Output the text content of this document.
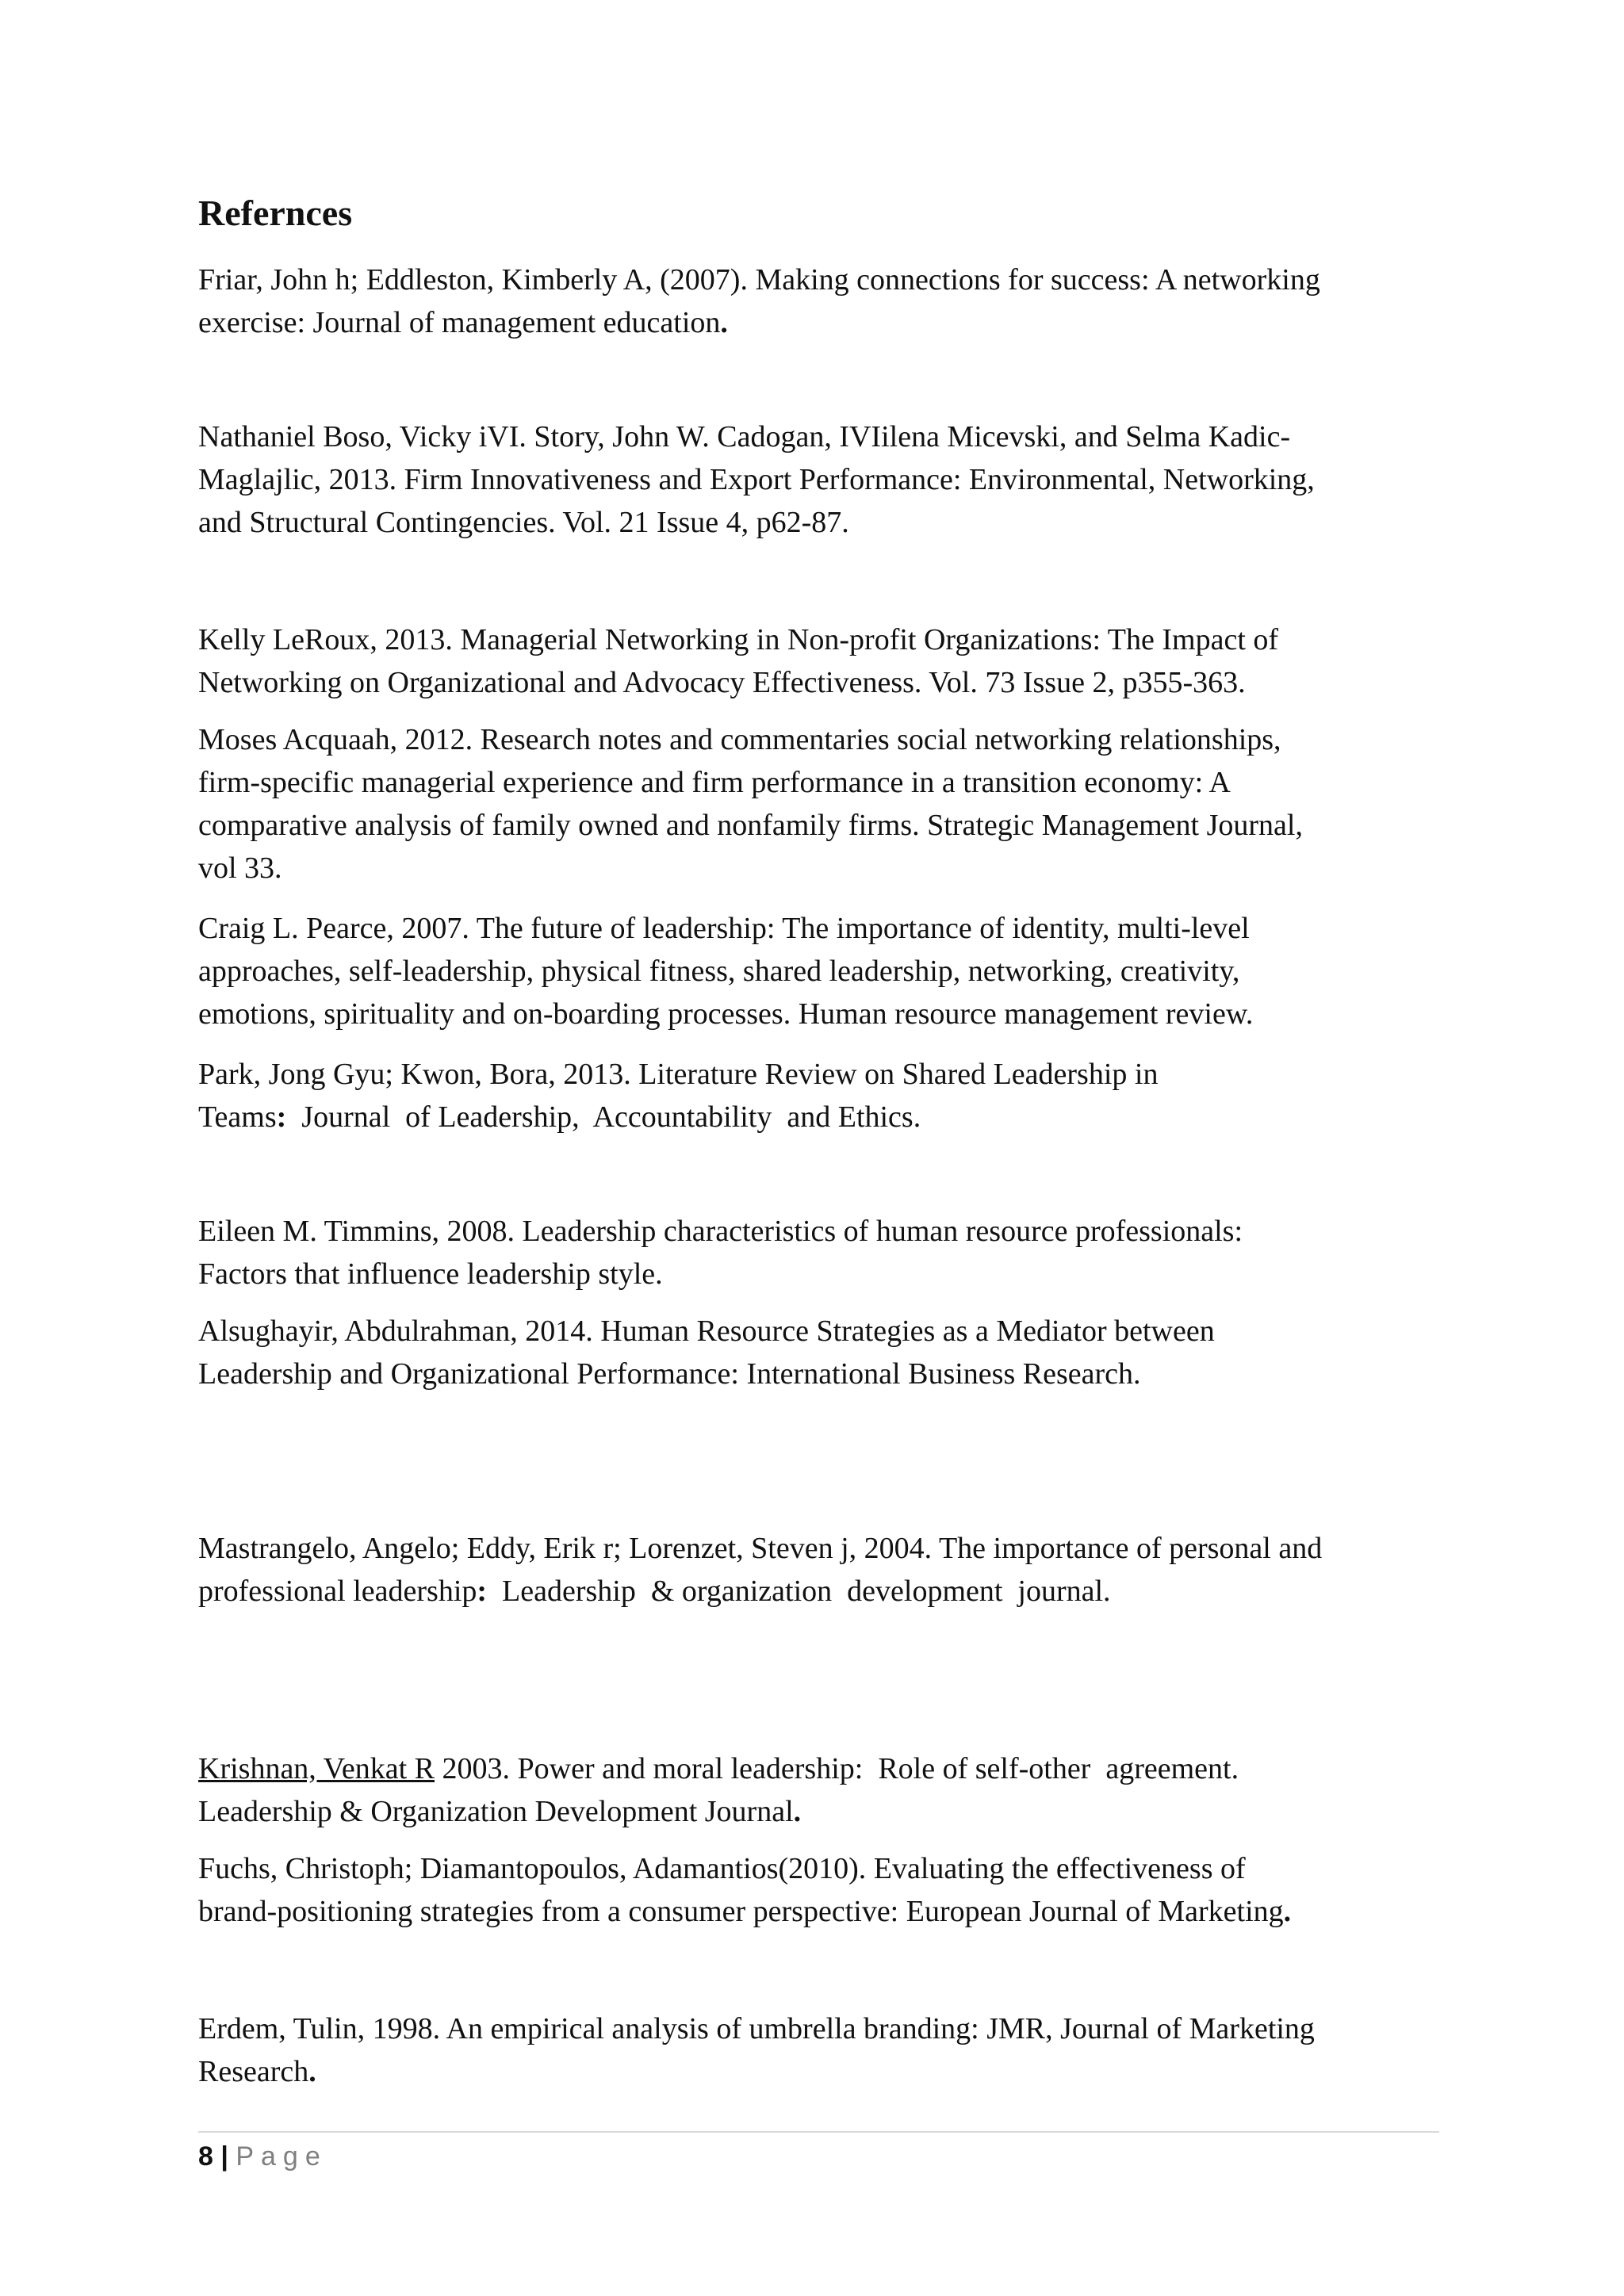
Refernces

Friar, John h; Eddleston, Kimberly A, (2007). Making connections for success: A networking
exercise: Journal of management education.

Nathaniel Boso, Vicky iVI. Story, John W. Cadogan, IVIilena Micevski, and Selma Kadic-
Maglajlic, 2013. Firm Innovativeness and Export Performance: Environmental, Networking,
and Structural Contingencies. Vol. 21 Issue 4, p62-87.

Kelly LeRoux, 2013. Managerial Networking in Non-profit Organizations: The Impact of
Networking on Organizational and Advocacy Effectiveness. Vol. 73 Issue 2, p355-363.

Moses Acquaah, 2012. Research notes and commentaries social networking relationships,
firm-specific managerial experience and firm performance in a transition economy: A
comparative analysis of family owned and nonfamily firms. Strategic Management Journal,
vol 33.

Craig L. Pearce, 2007. The future of leadership: The importance of identity, multi-level
approaches, self-leadership, physical fitness, shared leadership, networking, creativity,
emotions, spirituality and on-boarding processes. Human resource management review.

Park, Jong Gyu; Kwon, Bora, 2013. Literature Review on Shared Leadership in
Teams:  Journal  of Leadership,  Accountability  and Ethics.

Eileen M. Timmins, 2008. Leadership characteristics of human resource professionals:
Factors that influence leadership style.

Alsughayir, Abdulrahman, 2014. Human Resource Strategies as a Mediator between
Leadership and Organizational Performance: International Business Research.

Mastrangelo, Angelo; Eddy, Erik r; Lorenzet, Steven j, 2004. The importance of personal and
professional leadership:  Leadership  & organization  development  journal.

Krishnan, Venkat R 2003. Power and moral leadership:  Role of self-other  agreement.
Leadership & Organization Development Journal.

Fuchs, Christoph; Diamantopoulos, Adamantios(2010). Evaluating the effectiveness of
brand-positioning strategies from a consumer perspective: European Journal of Marketing.

Erdem, Tulin, 1998. An empirical analysis of umbrella branding: JMR, Journal of Marketing
Research.

8 | Page
